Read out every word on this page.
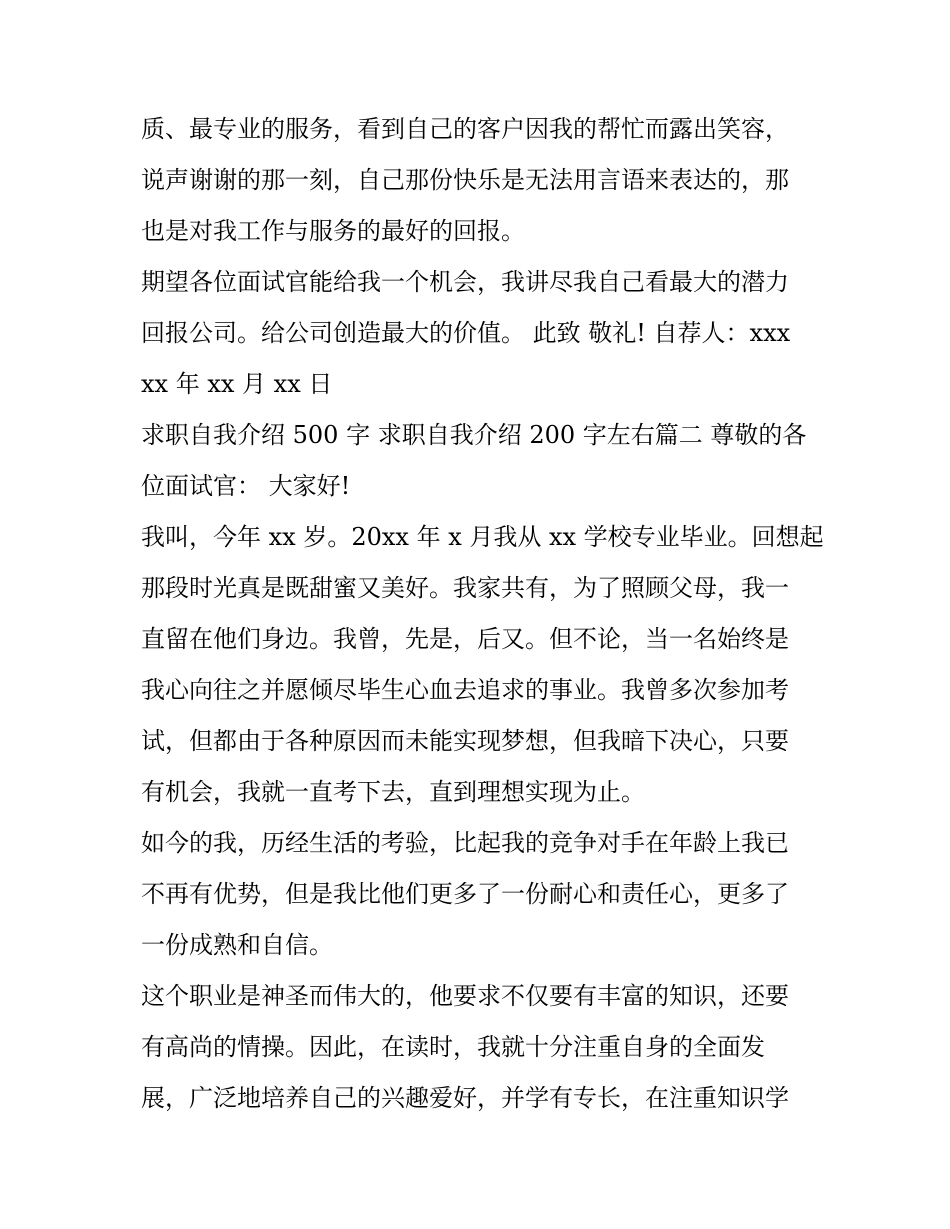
质、最专业的服务，看到自己的客户因我的帮忙而露出笑容，
说声谢谢的那一刻，自己那份快乐是无法用言语来表达的，那
也是对我工作与服务的最好的回报。
期望各位面试官能给我一个机会，我讲尽我自己看最大的潜力
回报公司。给公司创造最大的价值。 此致 敬礼! 自荐人：xxx
xx 年 xx 月 xx 日
求职自我介绍 500 字 求职自我介绍 200 字左右篇二 尊敬的各
位面试官： 大家好!
我叫，今年 xx 岁。20xx 年 x 月我从 xx 学校专业毕业。回想起
那段时光真是既甜蜜又美好。我家共有，为了照顾父母，我一
直留在他们身边。我曾，先是，后又。但不论，当一名始终是
我心向往之并愿倾尽毕生心血去追求的事业。我曾多次参加考
试，但都由于各种原因而未能实现梦想，但我暗下决心，只要
有机会，我就一直考下去，直到理想实现为止。
如今的我，历经生活的考验，比起我的竞争对手在年龄上我已
不再有优势，但是我比他们更多了一份耐心和责任心，更多了
一份成熟和自信。
这个职业是神圣而伟大的，他要求不仅要有丰富的知识，还要
有高尚的情操。因此，在读时，我就十分注重自身的全面发
展，广泛地培养自己的兴趣爱好，并学有专长，在注重知识学
